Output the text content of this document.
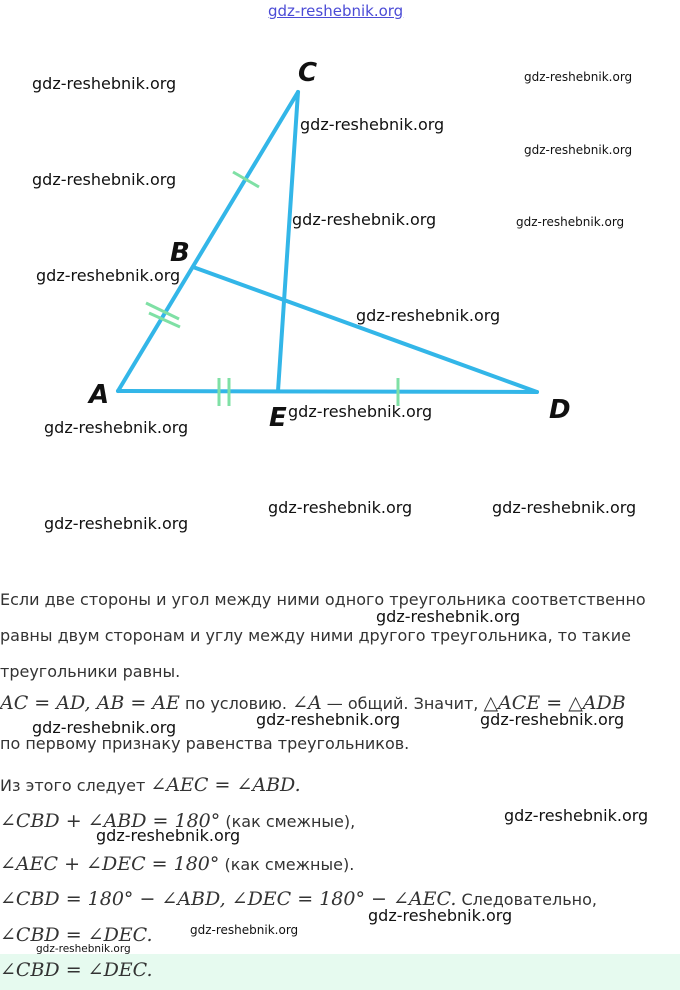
C
B
A
E	D
Если две стороны и угол между ними одного треугольника соответственно
равны двум сторонам и углу между ними другого треугольника, то такие
треугольники равны.
AC = AD, AB = AE по условию. ∠A — общий. Значит, △ACE = △ADB
по первому признаку равенства треугольников.
Из этого следует ∠AEC = ∠ABD.
∠CBD + ∠ABD = 180° (как смежные),
∠AEC + ∠DEC = 180° (как смежные).
∠CBD = 180° − ∠ABD, ∠DEC = 180° − ∠AEC. Следовательно,
∠CBD = ∠DEC.
∠CBD = ∠DEC.
gdz-reshebnik.org
gdz-reshebnik.org
gdz-reshebnik.org
gdz-reshebnik.org
gdz-reshebnik.org
gdz-reshebnik.org
gdz-reshebnik.org	gdz-reshebnik.org
gdz-reshebnik.org
gdz-reshebnik.org
gdz-reshebnik.org
gdz-reshebnik.org
gdz-reshebnik.org	gdz-reshebnik.org
gdz-reshebnik.org
gdz-reshebnik.org
gdz-reshebnik.org	gdz-reshebnik.org
gdz-reshebnik.org
gdz-reshebnik.org
gdz-reshebnik.org
gdz-reshebnik.org
gdz-reshebnik.org
gdz-reshebnik.org
